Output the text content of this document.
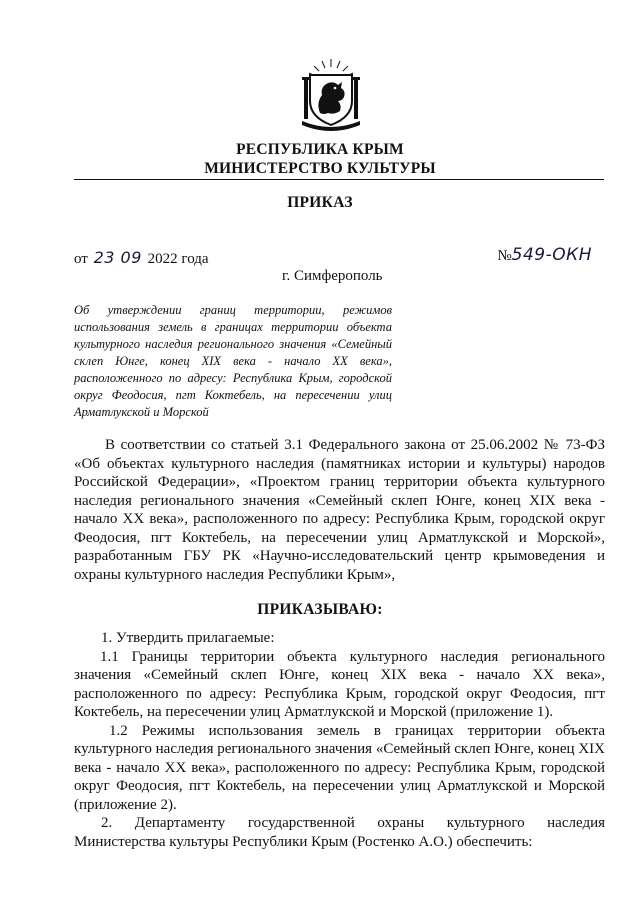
РЕСПУБЛИКА КРЫМ
МИНИСТЕРСТВО КУЛЬТУРЫ
ПРИКАЗ
от 23 09 2022 года	№549-ОКН
г. Симферополь
Об утверждении границ территории, режимов использования земель в границах территории объекта культурного наследия регионального значения «Семейный склеп Юнге, конец XIX века - начало XX века», расположенного по адресу: Республика Крым, городской округ Феодосия, пгт Коктебель, на пересечении улиц Арматлукской и Морской
В соответствии со статьей 3.1 Федерального закона от 25.06.2002 № 73-ФЗ «Об объектах культурного наследия (памятниках истории и культуры) народов Российской Федерации», «Проектом границ территории объекта культурного наследия регионального значения «Семейный склеп Юнге, конец XIX века - начало XX века», расположенного по адресу: Республика Крым, городской округ Феодосия, пгт Коктебель, на пересечении улиц Арматлукской и Морской», разработанным ГБУ РК «Научно-исследовательский центр крымоведения и охраны культурного наследия Республики Крым»,
ПРИКАЗЫВАЮ:

1. Утвердить прилагаемые:

1.1 Границы территории объекта культурного наследия регионального значения «Семейный склеп Юнге, конец XIX века - начало XX века», расположенного по адресу: Республика Крым, городской округ Феодосия, пгт Коктебель, на пересечении улиц Арматлукской и Морской (приложение 1).

1.2 Режимы использования земель в границах территории объекта культурного наследия регионального значения «Семейный склеп Юнге, конец XIX века - начало XX века», расположенного по адресу: Республика Крым, городской округ Феодосия, пгт Коктебель, на пересечении улиц Арматлукской и Морской (приложение 2).

2. Департаменту государственной охраны культурного наследия Министерства культуры Республики Крым (Ростенко А.О.) обеспечить:
